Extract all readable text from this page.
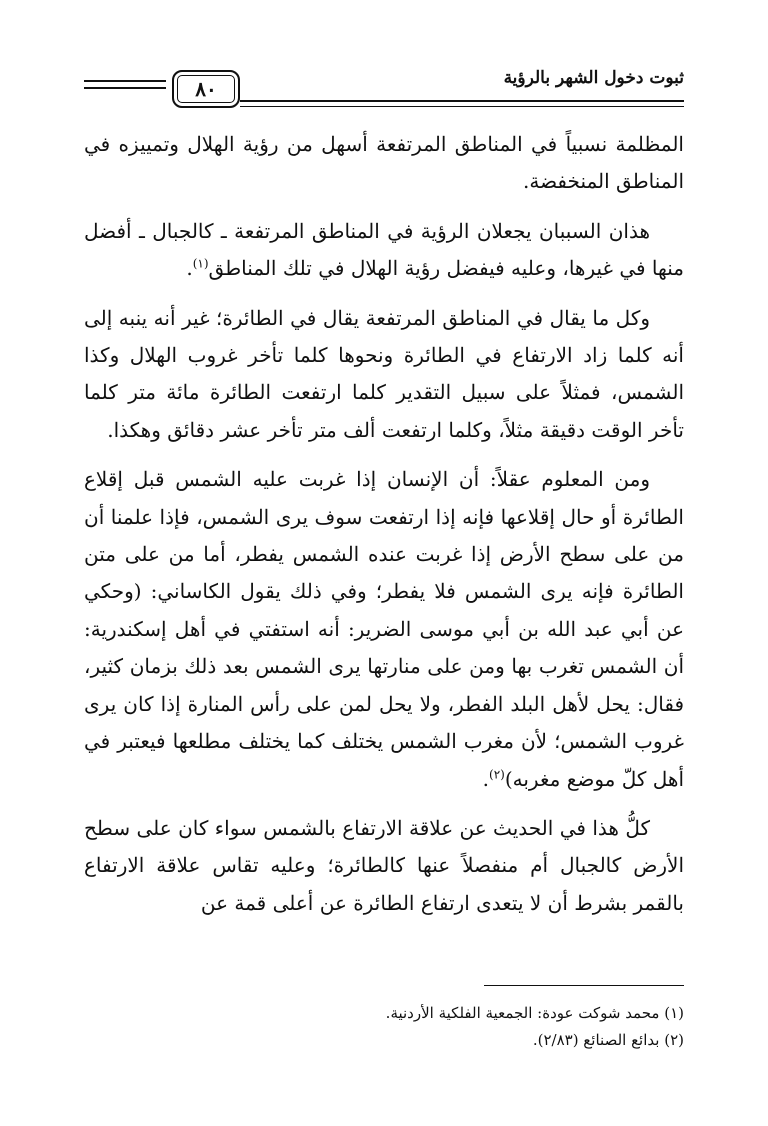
٨٠	ثبوت دخول الشهر بالرؤية

المظلمة نسبياً في المناطق المرتفعة أسهل من رؤية الهلال وتمييزه في المناطق المنخفضة.

هذان السببان يجعلان الرؤية في المناطق المرتفعة ـ كالجبال ـ أفضل منها في غيرها، وعليه فيفضل رؤية الهلال في تلك المناطق$^{(١)}$.

وكل ما يقال في المناطق المرتفعة يقال في الطائرة؛ غير أنه ينبه إلى أنه كلما زاد الارتفاع في الطائرة ونحوها كلما تأخر غروب الهلال وكذا الشمس، فمثلاً على سبيل التقدير كلما ارتفعت الطائرة مائة متر كلما تأخر الوقت دقيقة مثلاً، وكلما ارتفعت ألف متر تأخر عشر دقائق وهكذا.

ومن المعلوم عقلاً: أن الإنسان إذا غربت عليه الشمس قبل إقلاع الطائرة أو حال إقلاعها فإنه إذا ارتفعت سوف يرى الشمس، فإذا علمنا أن من على سطح الأرض إذا غربت عنده الشمس يفطر، أما من على متن الطائرة فإنه يرى الشمس فلا يفطر؛ وفي ذلك يقول الكاساني: (وحكي عن أبي عبد الله بن أبي موسى الضرير: أنه استفتي في أهل إسكندرية: أن الشمس تغرب بها ومن على منارتها يرى الشمس بعد ذلك بزمان كثير، فقال: يحل لأهل البلد الفطر، ولا يحل لمن على رأس المنارة إذا كان يرى غروب الشمس؛ لأن مغرب الشمس يختلف كما يختلف مطلعها فيعتبر في أهل كلّ موضع مغربه)$^{(٢)}$.

كلُّ هذا في الحديث عن علاقة الارتفاع بالشمس سواء كان على سطح الأرض كالجبال أم منفصلاً عنها كالطائرة؛ وعليه تقاس علاقة الارتفاع بالقمر بشرط أن لا يتعدى ارتفاع الطائرة عن أعلى قمة عن

(١) محمد شوكت عودة: الجمعية الفلكية الأردنية.
(٢) بدائع الصنائع (٢/٨٣).
